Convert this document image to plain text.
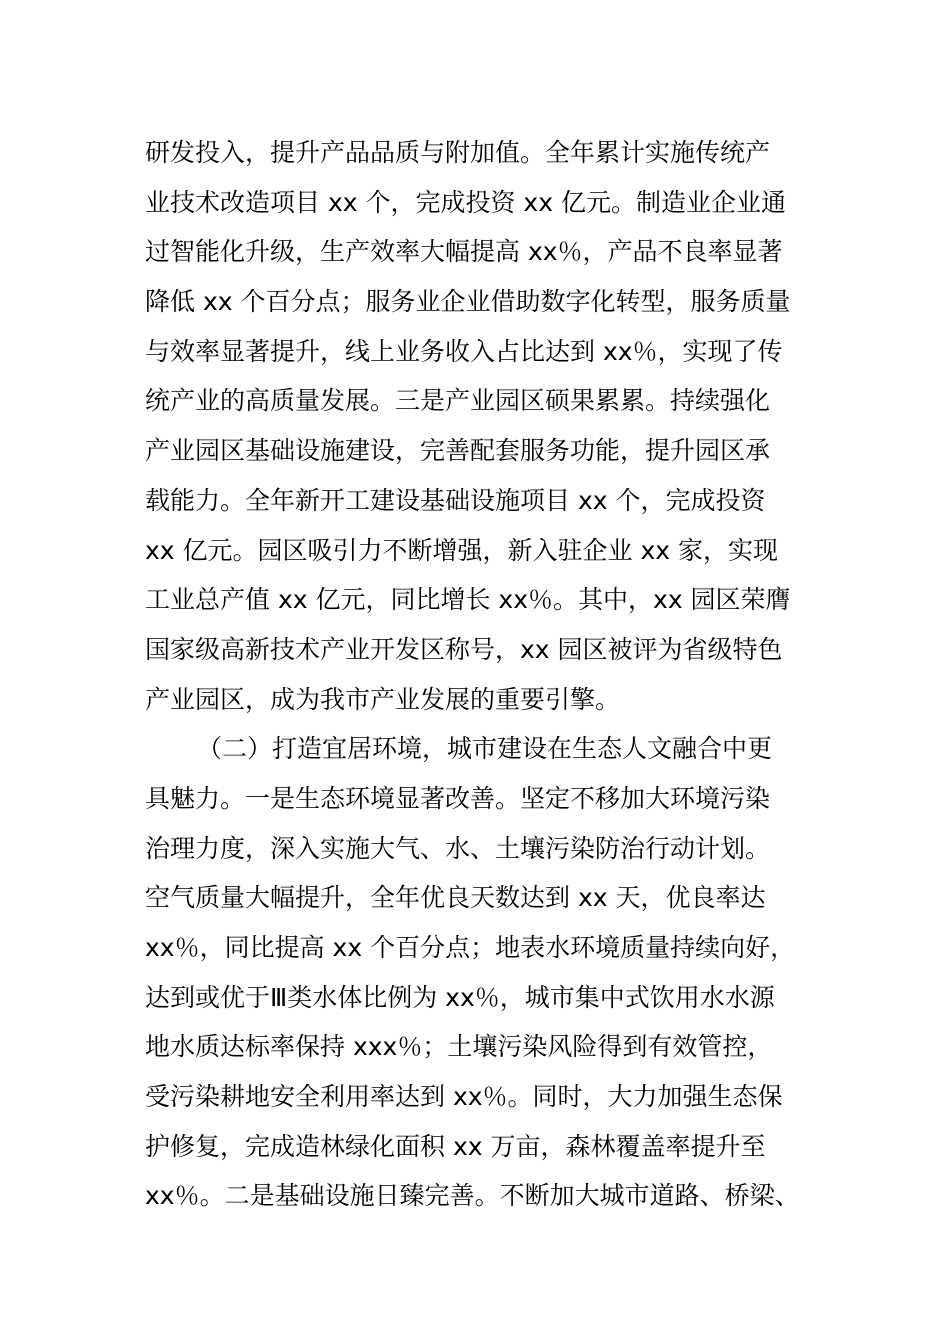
研发投入，提升产品品质与附加值。全年累计实施传统产
业技术改造项目 xx 个，完成投资 xx 亿元。制造业企业通
过智能化升级，生产效率大幅提高 xx％，产品不良率显著
降低 xx 个百分点；服务业企业借助数字化转型，服务质量
与效率显著提升，线上业务收入占比达到 xx％，实现了传
统产业的高质量发展。三是产业园区硕果累累。持续强化
产业园区基础设施建设，完善配套服务功能，提升园区承
载能力。全年新开工建设基础设施项目 xx 个，完成投资
xx 亿元。园区吸引力不断增强，新入驻企业 xx 家，实现
工业总产值 xx 亿元，同比增长 xx％。其中，xx 园区荣膺
国家级高新技术产业开发区称号，xx 园区被评为省级特色
产业园区，成为我市产业发展的重要引擎。
（二）打造宜居环境，城市建设在生态人文融合中更
具魅力。一是生态环境显著改善。坚定不移加大环境污染
治理力度，深入实施大气、水、土壤污染防治行动计划。
空气质量大幅提升，全年优良天数达到 xx 天，优良率达
xx％，同比提高 xx 个百分点；地表水环境质量持续向好，
达到或优于Ⅲ类水体比例为 xx％，城市集中式饮用水水源
地水质达标率保持 xxx％；土壤污染风险得到有效管控，
受污染耕地安全利用率达到 xx％。同时，大力加强生态保
护修复，完成造林绿化面积 xx 万亩，森林覆盖率提升至
xx％。二是基础设施日臻完善。不断加大城市道路、桥梁、
